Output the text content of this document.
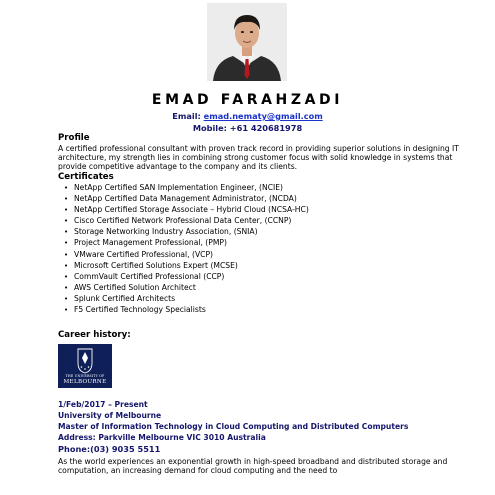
EMAD FARAHZADI
Email: emad.nematy@gmail.com
Mobile: +61 420681978
Profile
A certified professional consultant with proven track record in providing superior solutions in designing IT architecture, my strength lies in combining strong customer focus with solid knowledge in systems that provide competitive advantage to the company and its clients.
Certificates
• NetApp Certified SAN Implementation Engineer, (NCIE)
• NetApp Certified Data Management Administrator, (NCDA)
• NetApp Certified Storage Associate – Hybrid Cloud (NCSA-HC)
• Cisco Certified Network Professional Data Center, (CCNP)
• Storage Networking Industry Association, (SNIA)
• Project Management Professional, (PMP)
• VMware Certified Professional, (VCP)
• Microsoft Certified Solutions Expert (MCSE)
• CommVault Certified Professional (CCP)
• AWS Certified Solution Architect
• Splunk Certified Architects
• F5 Certified Technology Specialists
Career history:
THE UNIVERSITY OF
MELBOURNE
1/Feb/2017 – Present
University of Melbourne
Master of Information Technology in Cloud Computing and Distributed Computers
Address: Parkville Melbourne VIC 3010 Australia
Phone:(03) 9035 5511
As the world experiences an exponential growth in high-speed broadband and distributed storage and computation, an increasing demand for cloud computing and the need to
